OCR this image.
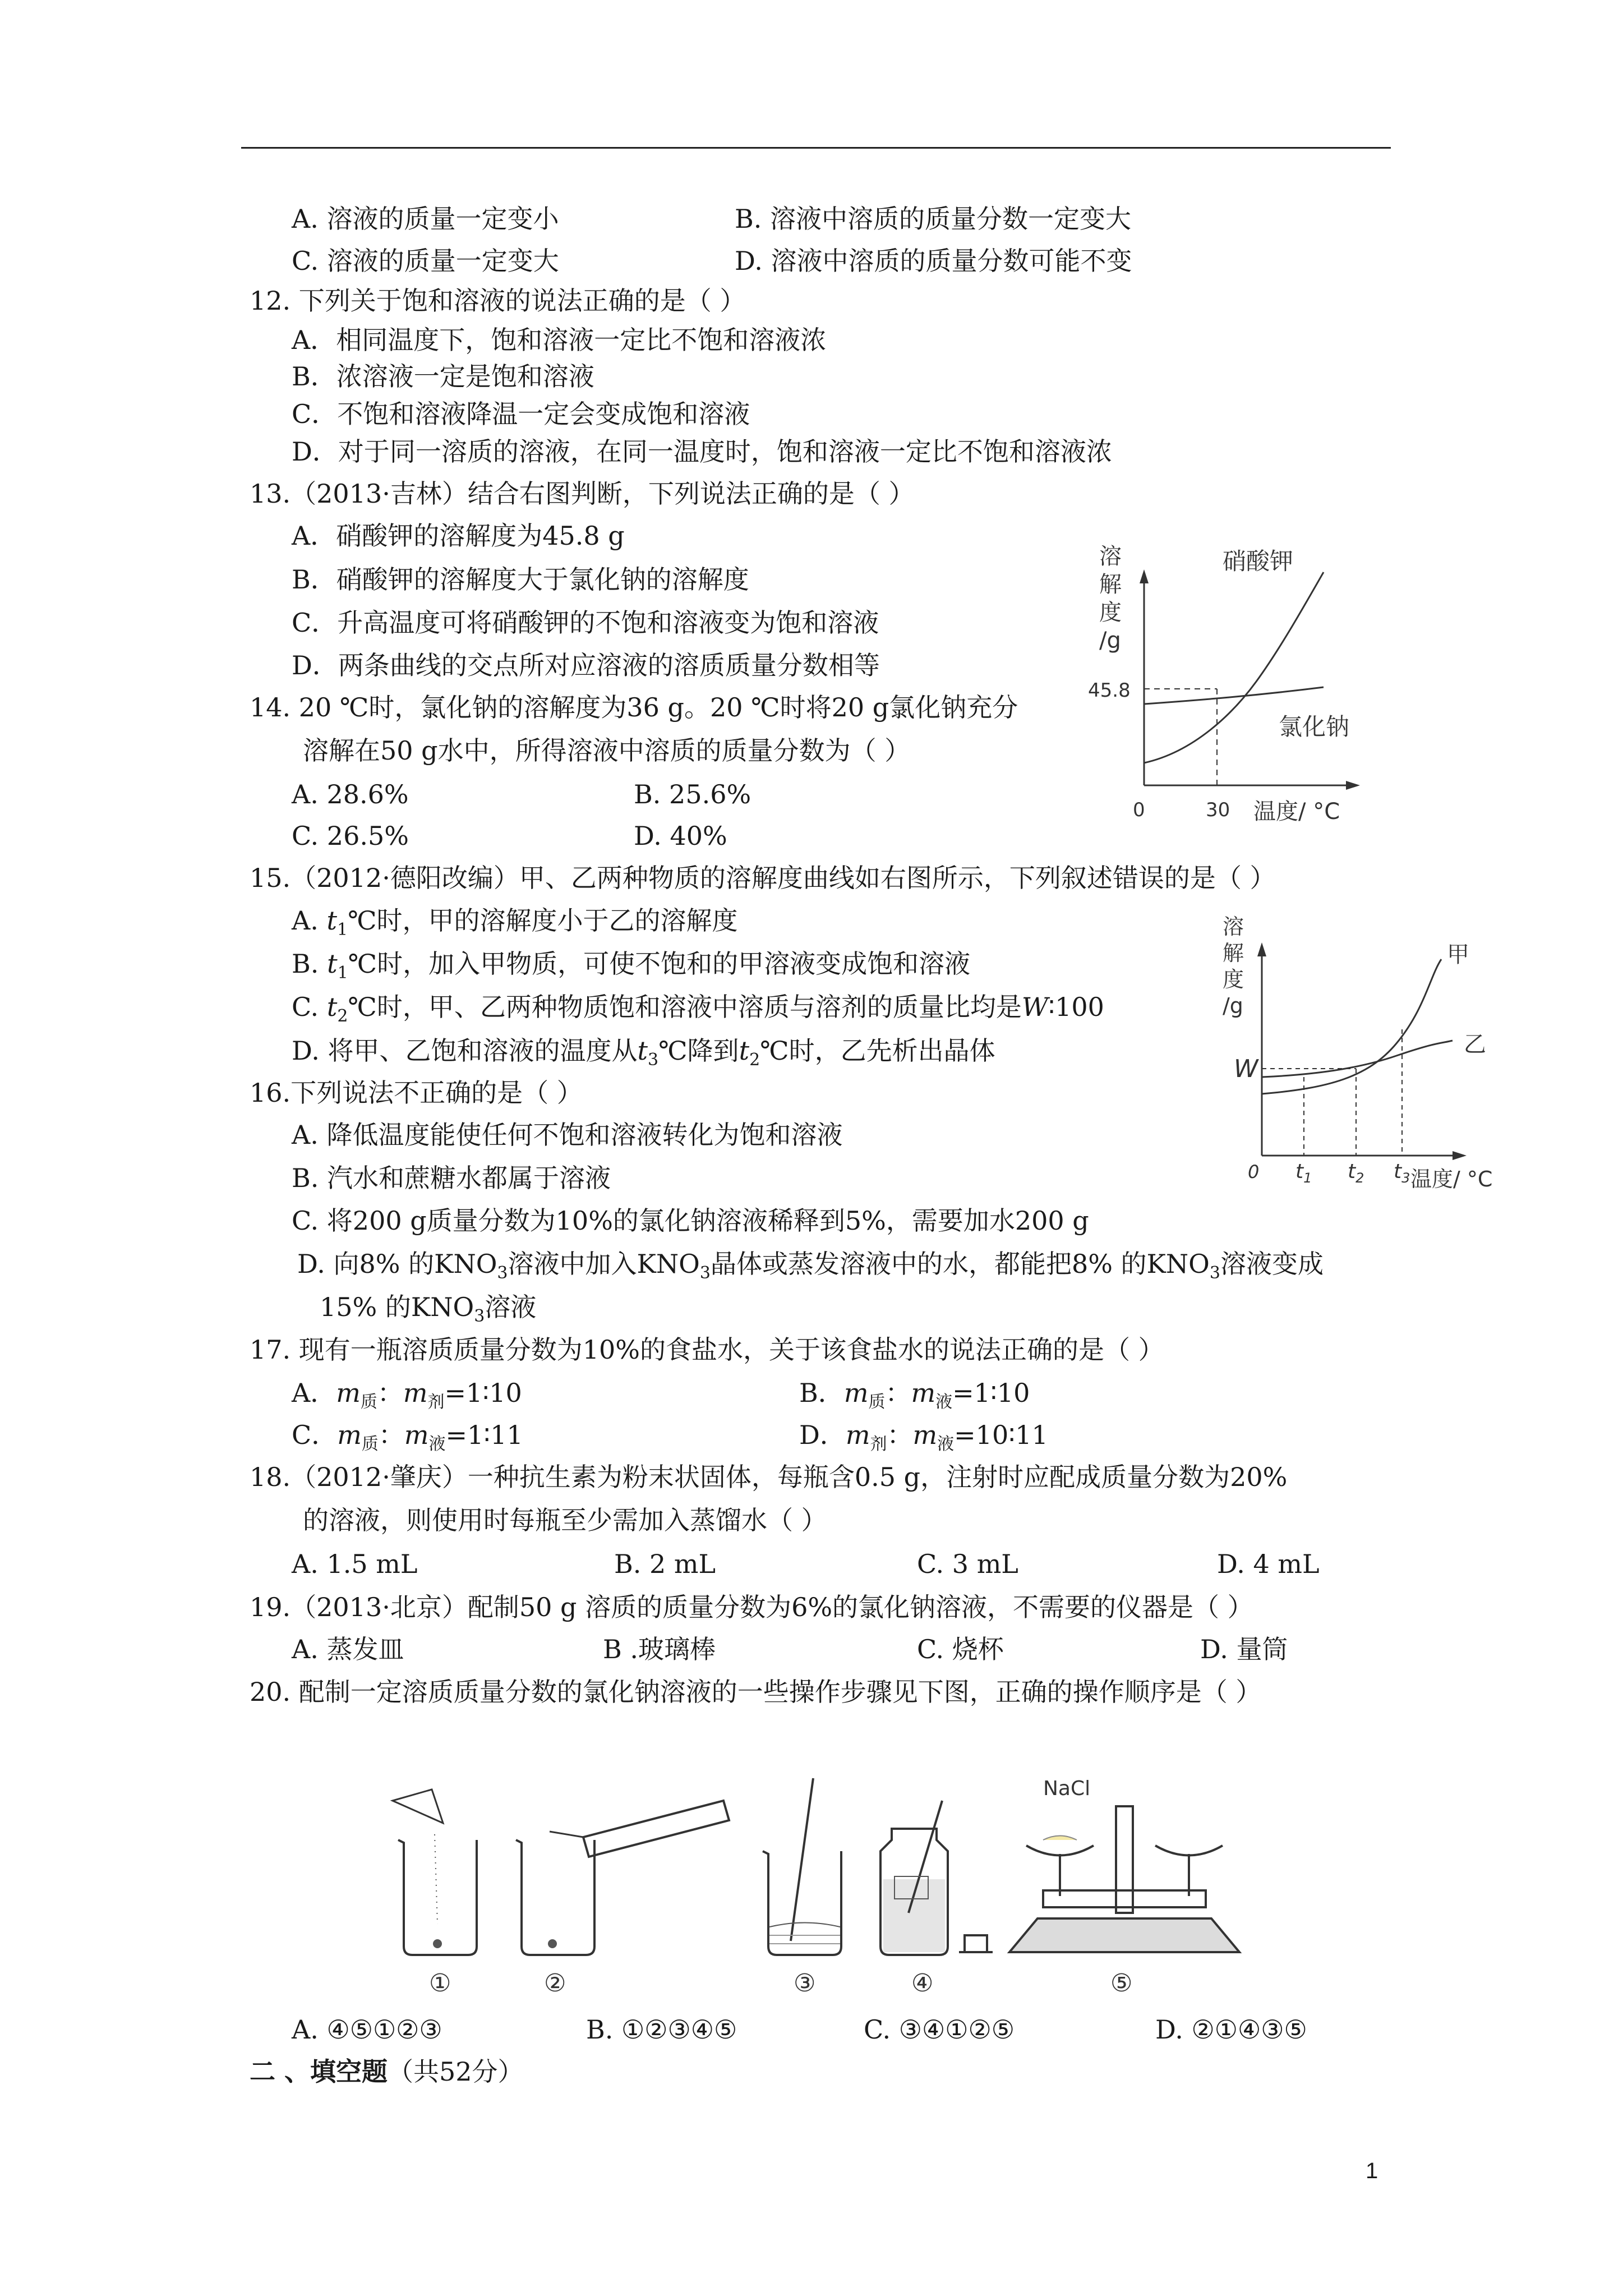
A. 溶液的质量一定变小	B. 溶液中溶质的质量分数一定变大
C. 溶液的质量一定变大	D. 溶液中溶质的质量分数可能不变
12. 下列关于饱和溶液的说法正确的是（ ）
A．相同温度下，饱和溶液一定比不饱和溶液浓
B．浓溶液一定是饱和溶液
C．不饱和溶液降温一定会变成饱和溶液
D．对于同一溶质的溶液，在同一温度时，饱和溶液一定比不饱和溶液浓
13.（2013·吉林）结合右图判断，下列说法正确的是（ ）
A．硝酸钾的溶解度为45.8 g
B．硝酸钾的溶解度大于氯化钠的溶解度
C．升高温度可将硝酸钾的不饱和溶液变为饱和溶液
D．两条曲线的交点所对应溶液的溶质质量分数相等
14. 20 ℃时，氯化钠的溶解度为36 g。20 ℃时将20 g氯化钠充分
溶解在50 g水中，所得溶液中溶质的质量分数为（ ）
A. 28.6%	B. 25.6%
C. 26.5%	D. 40%
溶
解
度
/g
45.8
0	30 温度/ °C
硝酸钾
氯化钠
15.（2012·德阳改编）甲、乙两种物质的溶解度曲线如右图所示，下列叙述错误的是（ ）
A. $t_1℃$时，甲的溶解度小于乙的溶解度
B. $t_1℃$时，加入甲物质，可使不饱和的甲溶液变成饱和溶液
C. $t_2℃$时，甲、乙两种物质饱和溶液中溶质与溶剂的质量比均是W∶100
D. 将甲、乙饱和溶液的温度从$t_3℃$降到$t_2℃$时，乙先析出晶体
溶
解
度
/g
W
0 $t_1$ $t_2$ $t_3$ 温度/ °C
甲
乙
16.下列说法不正确的是（ ）
A. 降低温度能使任何不饱和溶液转化为饱和溶液
B. 汽水和蔗糖水都属于溶液
C. 将200 g质量分数为10%的氯化钠溶液稀释到5%，需要加水200 g
D. 向8% 的$KNO_3$溶液中加入$KNO_3$晶体或蒸发溶液中的水，都能把8% 的$KNO_3$溶液变成
15% 的$KNO_3$溶液
17. 现有一瓶溶质质量分数为10%的食盐水，关于该食盐水的说法正确的是（ ）
A．$m_质$：$m_剂=1∶10$	B．$m_质$：$m_液=1∶10$
C．$m_质$：$m_液=1∶11$	D．$m_剂$：$m_液=10∶11$
18.（2012·肇庆）一种抗生素为粉末状固体，每瓶含0.5 g，注射时应配成质量分数为20%
的溶液，则使用时每瓶至少需加入蒸馏水（ ）
A. 1.5 mL	B. 2 mL	C. 3 mL	D. 4 mL
19.（2013·北京）配制50 g 溶质的质量分数为6%的氯化钠溶液，不需要的仪器是（ ）
A. 蒸发皿	B .玻璃棒	C. 烧杯	D. 量筒
20. 配制一定溶质质量分数的氯化钠溶液的一些操作步骤见下图，正确的操作顺序是（ ）
①	②	③	④
NaCl
⑤
A. ④⑤①②③	B. ①②③④⑤	C. ③④①②⑤	D. ②①④③⑤
二 、填空题（共52分）
1
